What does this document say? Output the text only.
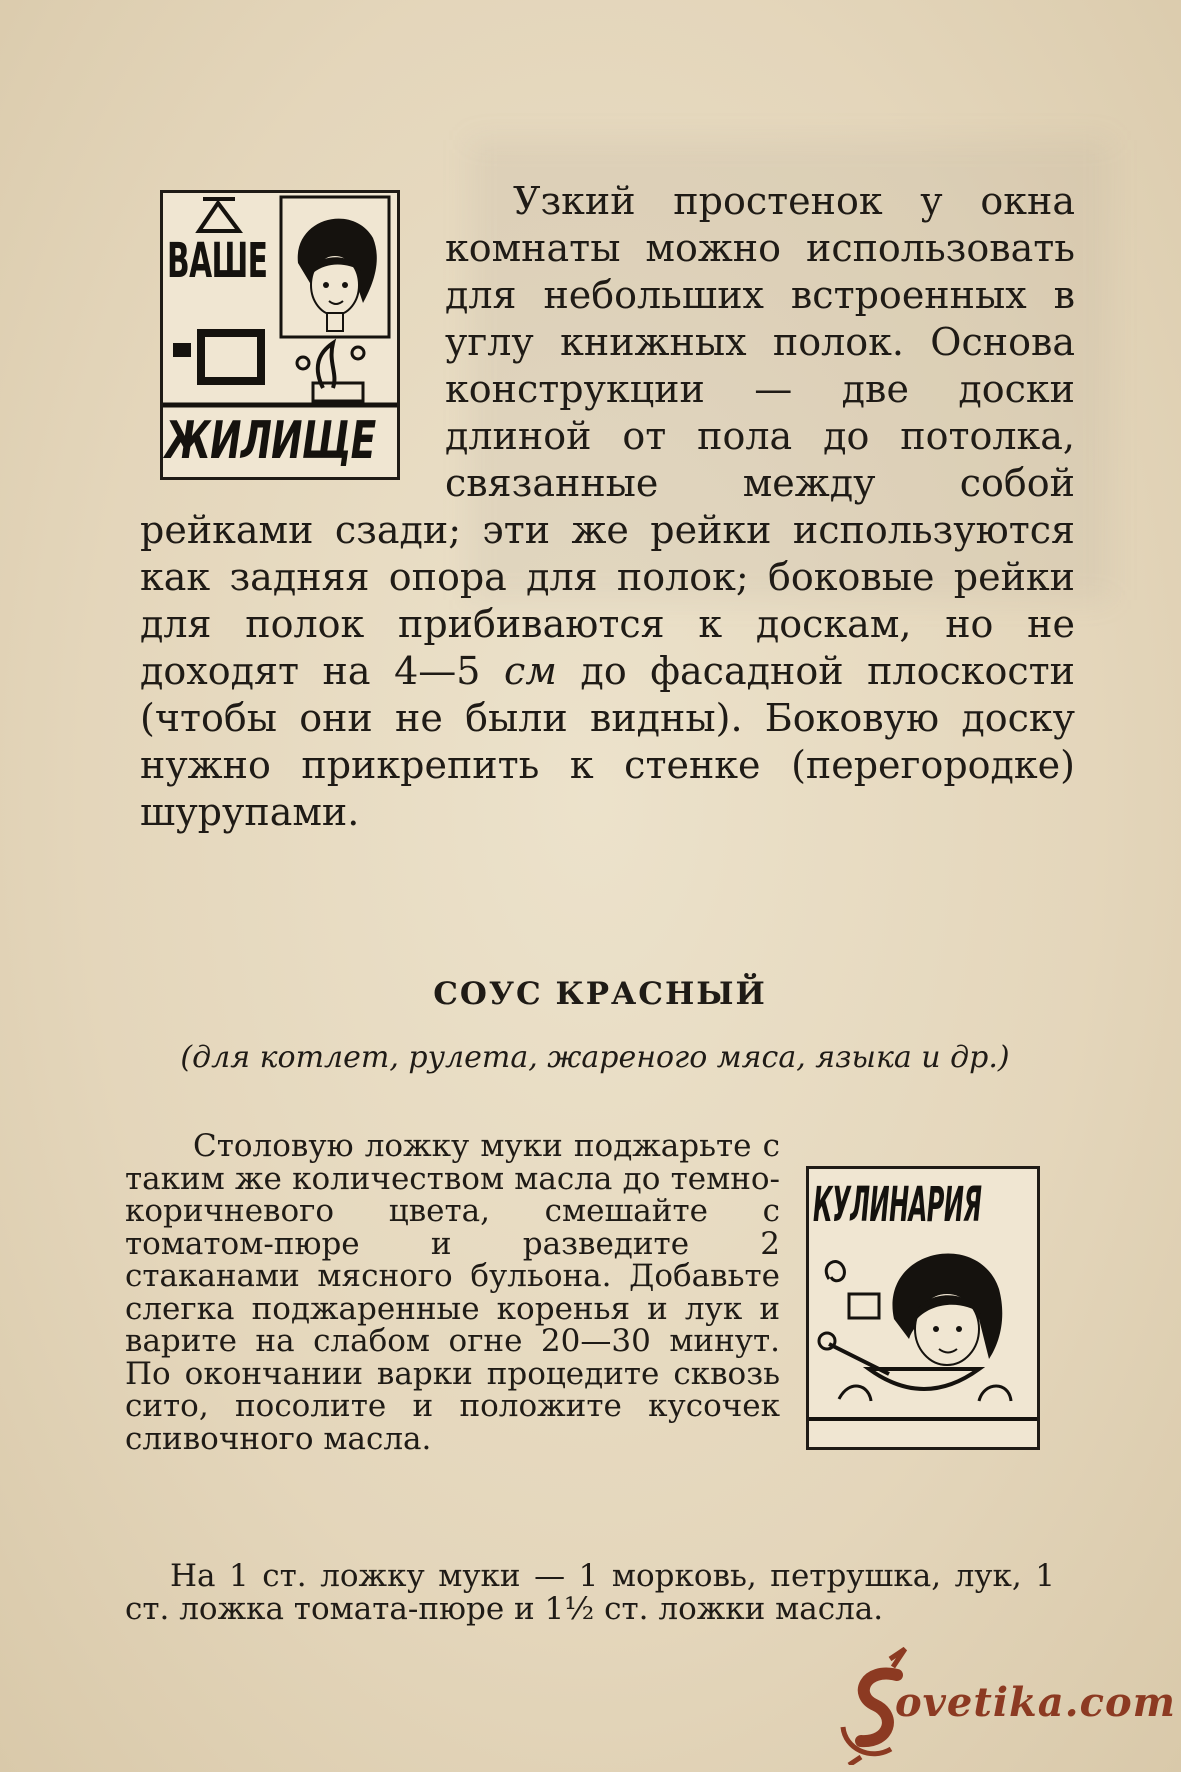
ВАШЕ
ЖИЛИЩЕ
Узкий простенок у окна комнаты можно использовать для небольших встроенных в углу книжных полок. Основа конструкции — две доски длиной от пола до потолка, связанные между собой рейками сзади; эти же рейки используются как задняя опора для полок; боковые рейки для полок прибиваются к доскам, но не доходят на 4—5 см до фасадной плоскости (чтобы они не были видны). Боковую доску нужно прикрепить к стенке (перегородке) шурупами.
СОУС КРАСНЫЙ
(для котлет, рулета, жареного мяса, языка и др.)
КУЛИНАРИЯ
Столовую ложку муки поджарьте с таким же количеством масла до темно-коричневого цвета, смешайте с томатом-пюре и разведите 2 стаканами мясного бульона. Добавьте слегка поджаренные коренья и лук и варите на слабом огне 20—30 минут. По окончании варки процедите сквозь сито, посолите и положите кусочек сливочного масла.
На 1 ст. ложку муки — 1 морковь, петрушка, лук, 1 ст. ложка томата-пюре и 1½ ст. ложки масла.
ovetika.com
